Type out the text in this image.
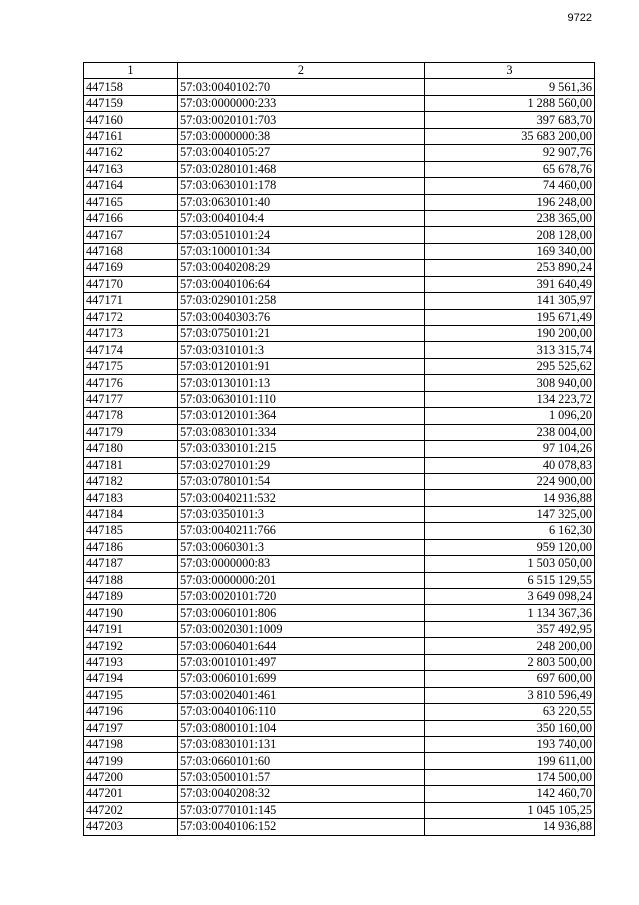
9722
1	2	3
447158	57:03:0040102:70	9 561,36
447159	57:03:0000000:233	1 288 560,00
447160	57:03:0020101:703	397 683,70
447161	57:03:0000000:38	35 683 200,00
447162	57:03:0040105:27	92 907,76
447163	57:03:0280101:468	65 678,76
447164	57:03:0630101:178	74 460,00
447165	57:03:0630101:40	196 248,00
447166	57:03:0040104:4	238 365,00
447167	57:03:0510101:24	208 128,00
447168	57:03:1000101:34	169 340,00
447169	57:03:0040208:29	253 890,24
447170	57:03:0040106:64	391 640,49
447171	57:03:0290101:258	141 305,97
447172	57:03:0040303:76	195 671,49
447173	57:03:0750101:21	190 200,00
447174	57:03:0310101:3	313 315,74
447175	57:03:0120101:91	295 525,62
447176	57:03:0130101:13	308 940,00
447177	57:03:0630101:110	134 223,72
447178	57:03:0120101:364	1 096,20
447179	57:03:0830101:334	238 004,00
447180	57:03:0330101:215	97 104,26
447181	57:03:0270101:29	40 078,83
447182	57:03:0780101:54	224 900,00
447183	57:03:0040211:532	14 936,88
447184	57:03:0350101:3	147 325,00
447185	57:03:0040211:766	6 162,30
447186	57:03:0060301:3	959 120,00
447187	57:03:0000000:83	1 503 050,00
447188	57:03:0000000:201	6 515 129,55
447189	57:03:0020101:720	3 649 098,24
447190	57:03:0060101:806	1 134 367,36
447191	57:03:0020301:1009	357 492,95
447192	57:03:0060401:644	248 200,00
447193	57:03:0010101:497	2 803 500,00
447194	57:03:0060101:699	697 600,00
447195	57:03:0020401:461	3 810 596,49
447196	57:03:0040106:110	63 220,55
447197	57:03:0800101:104	350 160,00
447198	57:03:0830101:131	193 740,00
447199	57:03:0660101:60	199 611,00
447200	57:03:0500101:57	174 500,00
447201	57:03:0040208:32	142 460,70
447202	57:03:0770101:145	1 045 105,25
447203	57:03:0040106:152	14 936,88
